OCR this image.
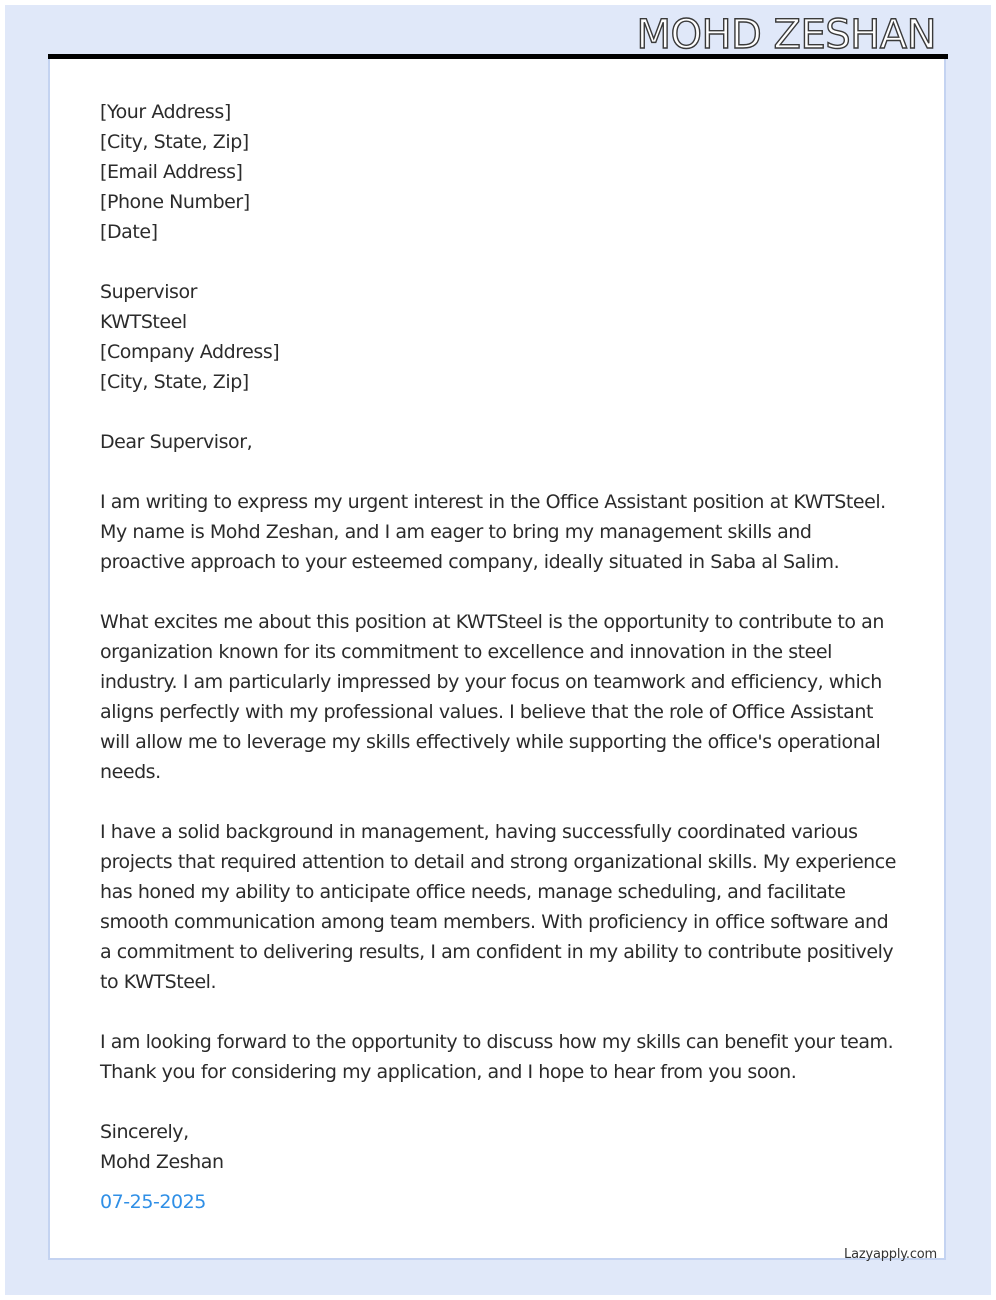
MOHD ZESHAN
[Your Address]
[City, State, Zip]
[Email Address]
[Phone Number]
[Date]
Supervisor
KWTSteel
[Company Address]
[City, State, Zip]

Dear Supervisor,

I am writing to express my urgent interest in the Office Assistant position at KWTSteel. My name is Mohd Zeshan, and I am eager to bring my management skills and proactive approach to your esteemed company, ideally situated in Saba al Salim.

What excites me about this position at KWTSteel is the opportunity to contribute to an organization known for its commitment to excellence and innovation in the steel industry. I am particularly impressed by your focus on teamwork and efficiency, which aligns perfectly with my professional values. I believe that the role of Office Assistant will allow me to leverage my skills effectively while supporting the office's operational needs.

I have a solid background in management, having successfully coordinated various projects that required attention to detail and strong organizational skills. My experience has honed my ability to anticipate office needs, manage scheduling, and facilitate smooth communication among team members. With proficiency in office software and a commitment to delivering results, I am confident in my ability to contribute positively to KWTSteel.

I am looking forward to the opportunity to discuss how my skills can benefit your team. Thank you for considering my application, and I hope to hear from you soon.

Sincerely,
Mohd Zeshan
07-25-2025
Lazyapply.com
